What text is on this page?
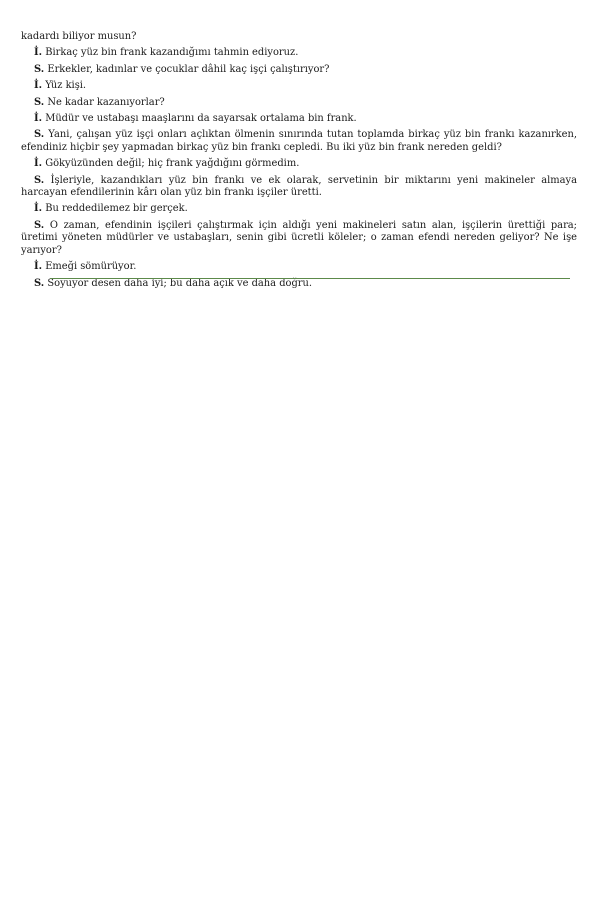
kadardı biliyor musun?

İ. Birkaç yüz bin frank kazandığımı tahmin ediyoruz.

S. Erkekler, kadınlar ve çocuklar dâhil kaç işçi çalıştırıyor?

İ. Yüz kişi.

S. Ne kadar kazanıyorlar?

İ. Müdür ve ustabaşı maaşlarını da sayarsak ortalama bin frank.

S. Yani, çalışan yüz işçi onları açlıktan ölmenin sınırında tutan toplamda birkaç yüz bin frankı kazanırken, efendiniz hiçbir şey yapmadan birkaç yüz bin frankı cepledi. Bu iki yüz bin frank nereden geldi?

İ. Gökyüzünden değil; hiç frank yağdığını görmedim.

S. İşleriyle, kazandıkları yüz bin frankı ve ek olarak, servetinin bir miktarını yeni makineler almaya harcayan efendilerinin kârı olan yüz bin frankı işçiler üretti.

İ. Bu reddedilemez bir gerçek.

S. O zaman, efendinin işçileri çalıştırmak için aldığı yeni makineleri satın alan, işçilerin ürettiği para; üretimi yöneten müdürler ve ustabaşları, senin gibi ücretli köleler; o zaman efendi nereden geliyor? Ne işe yarıyor?

İ. Emeği sömürüyor.

S. Soyuyor desen daha iyi; bu daha açık ve daha doğru.
